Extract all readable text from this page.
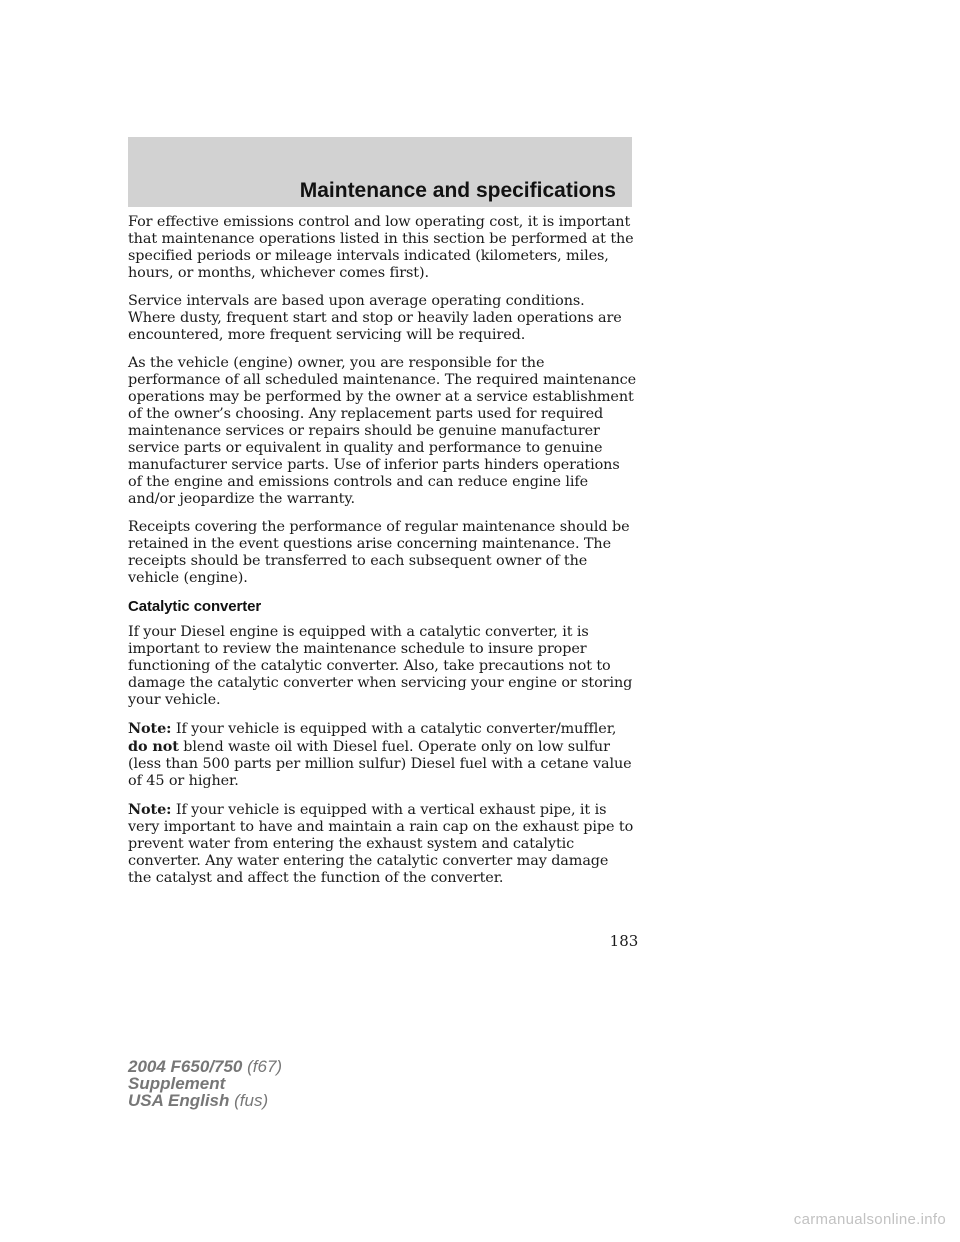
Maintenance and specifications

For effective emissions control and low operating cost, it is important that maintenance operations listed in this section be performed at the specified periods or mileage intervals indicated (kilometers, miles, hours, or months, whichever comes first).

Service intervals are based upon average operating conditions. Where dusty, frequent start and stop or heavily laden operations are encountered, more frequent servicing will be required.

As the vehicle (engine) owner, you are responsible for the performance of all scheduled maintenance. The required maintenance operations may be performed by the owner at a service establishment of the owner’s choosing. Any replacement parts used for required maintenance services or repairs should be genuine manufacturer service parts or equivalent in quality and performance to genuine manufacturer service parts. Use of inferior parts hinders operations of the engine and emissions controls and can reduce engine life and/or jeopardize the warranty.

Receipts covering the performance of regular maintenance should be retained in the event questions arise concerning maintenance. The receipts should be transferred to each subsequent owner of the vehicle (engine).

Catalytic converter

If your Diesel engine is equipped with a catalytic converter, it is important to review the maintenance schedule to insure proper functioning of the catalytic converter. Also, take precautions not to damage the catalytic converter when servicing your engine or storing your vehicle.

Note: If your vehicle is equipped with a catalytic converter/muffler, do not blend waste oil with Diesel fuel. Operate only on low sulfur (less than 500 parts per million sulfur) Diesel fuel with a cetane value of 45 or higher.

Note: If your vehicle is equipped with a vertical exhaust pipe, it is very important to have and maintain a rain cap on the exhaust pipe to prevent water from entering the exhaust system and catalytic converter. Any water entering the catalytic converter may damage the catalyst and affect the function of the converter.

183
2004 F650/750 (f67)
Supplement
USA English (fus)
carmanualsonline.info
